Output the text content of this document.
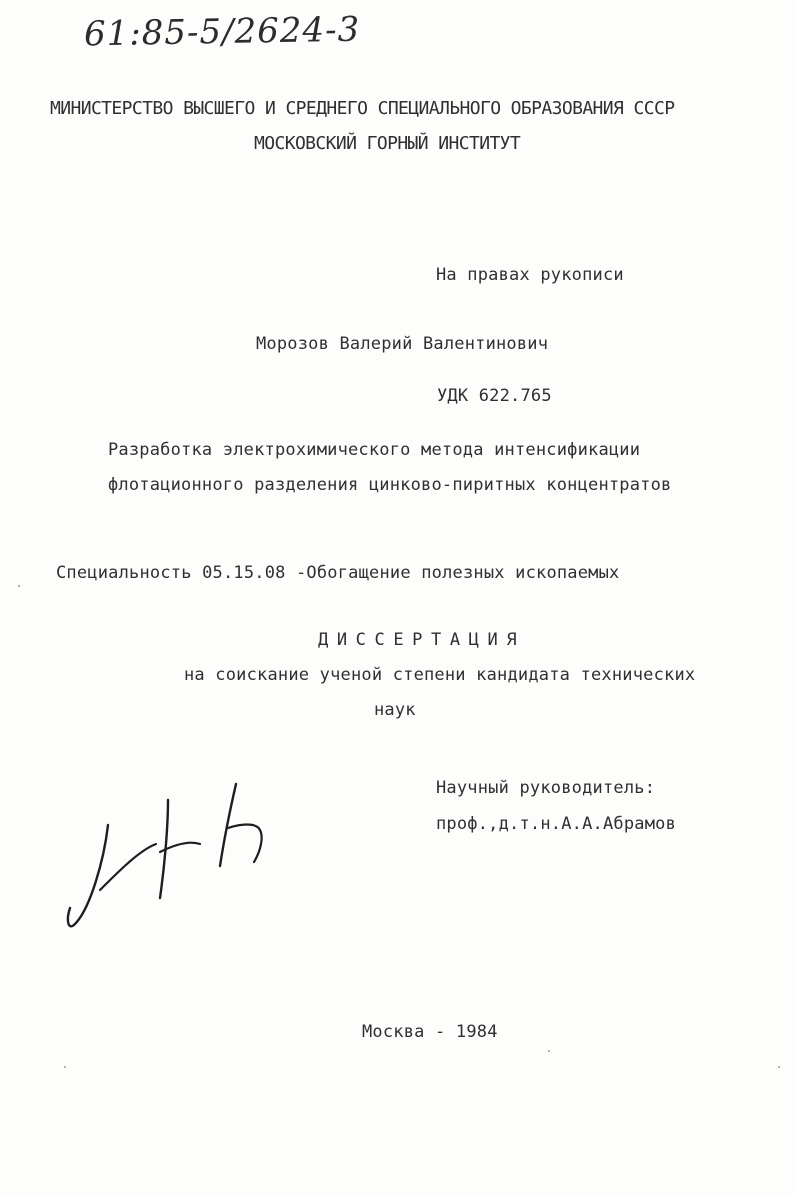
61:85-5/2624-3
МИНИСТЕРСТВО ВЫСШЕГО И СРЕДНЕГО СПЕЦИАЛЬНОГО ОБРАЗОВАНИЯ СССР
МОСКОВСКИЙ ГОРНЫЙ ИНСТИТУТ
На правах рукописи
Морозов Валерий Валентинович
УДК 622.765
Разработка электрохимического метода интенсификации
флотационного разделения цинково-пиритных концентратов
Специальность 05.15.08 -Обогащение полезных ископаемых
ДИССЕРТАЦИЯ
на соискание ученой степени кандидата технических
наук
Научный руководитель:
проф.,д.т.н.А.А.Абрамов
Москва - 1984
